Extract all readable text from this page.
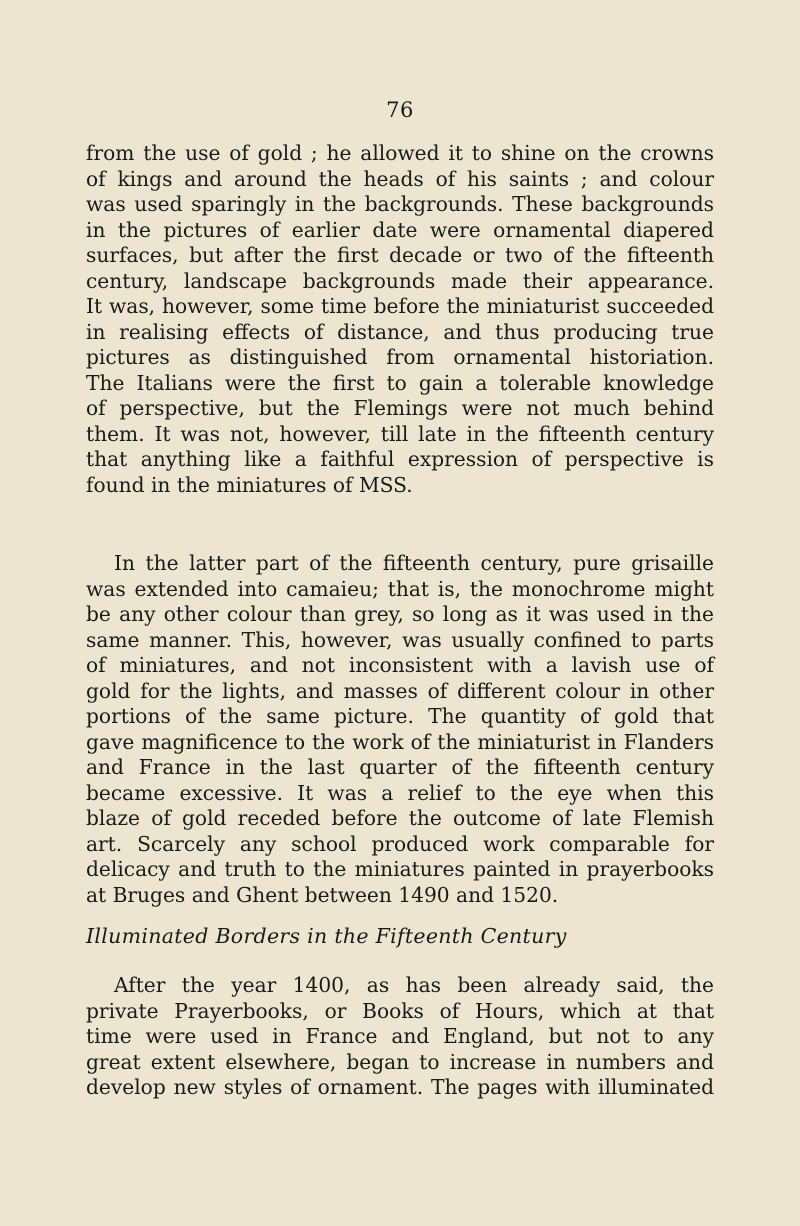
76
from the use of gold ; he allowed it to shine on the crowns
of kings and around the heads of his saints ; and colour
was used sparingly in the backgrounds. These backgrounds
in the pictures of earlier date were ornamental diapered
surfaces, but after the first decade or two of the fifteenth
century, landscape backgrounds made their appearance.
It was, however, some time before the miniaturist succeeded
in realising effects of distance, and thus producing true
pictures as distinguished from ornamental historiation.
The Italians were the first to gain a tolerable knowledge
of perspective, but the Flemings were not much behind
them. It was not, however, till late in the fifteenth century
that anything like a faithful expression of perspective is
found in the miniatures of MSS.
In the latter part of the fifteenth century, pure grisaille
was extended into camaieu; that is, the monochrome might
be any other colour than grey, so long as it was used in the
same manner. This, however, was usually confined to parts
of miniatures, and not inconsistent with a lavish use of
gold for the lights, and masses of different colour in other
portions of the same picture. The quantity of gold that
gave magnificence to the work of the miniaturist in Flanders
and France in the last quarter of the fifteenth century
became excessive. It was a relief to the eye when this
blaze of gold receded before the outcome of late Flemish
art. Scarcely any school produced work comparable for
delicacy and truth to the miniatures painted in prayerbooks
at Bruges and Ghent between 1490 and 1520.
Illuminated Borders in the Fifteenth Century
After the year 1400, as has been already said, the
private Prayerbooks, or Books of Hours, which at that
time were used in France and England, but not to any
great extent elsewhere, began to increase in numbers and
develop new styles of ornament. The pages with illuminated
